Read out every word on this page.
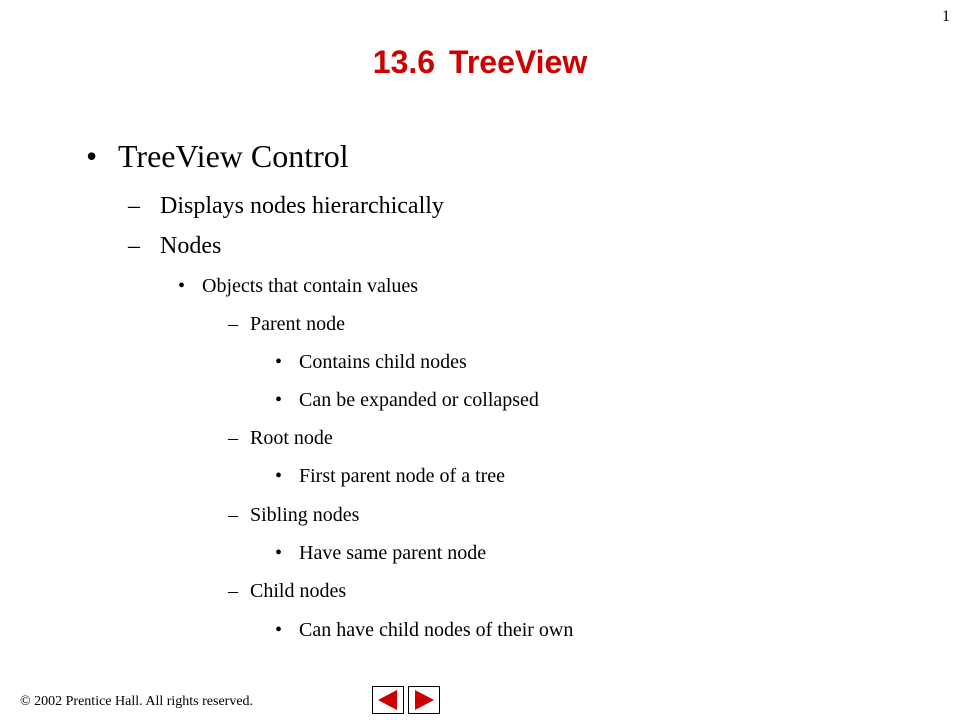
1
13.6 TreeView
• TreeView Control
– Displays nodes hierarchically
– Nodes
• Objects that contain values
– Parent node
• Contains child nodes
• Can be expanded or collapsed
– Root node
• First parent node of a tree
– Sibling nodes
• Have same parent node
– Child nodes
• Can have child nodes of their own
© 2002 Prentice Hall. All rights reserved.
